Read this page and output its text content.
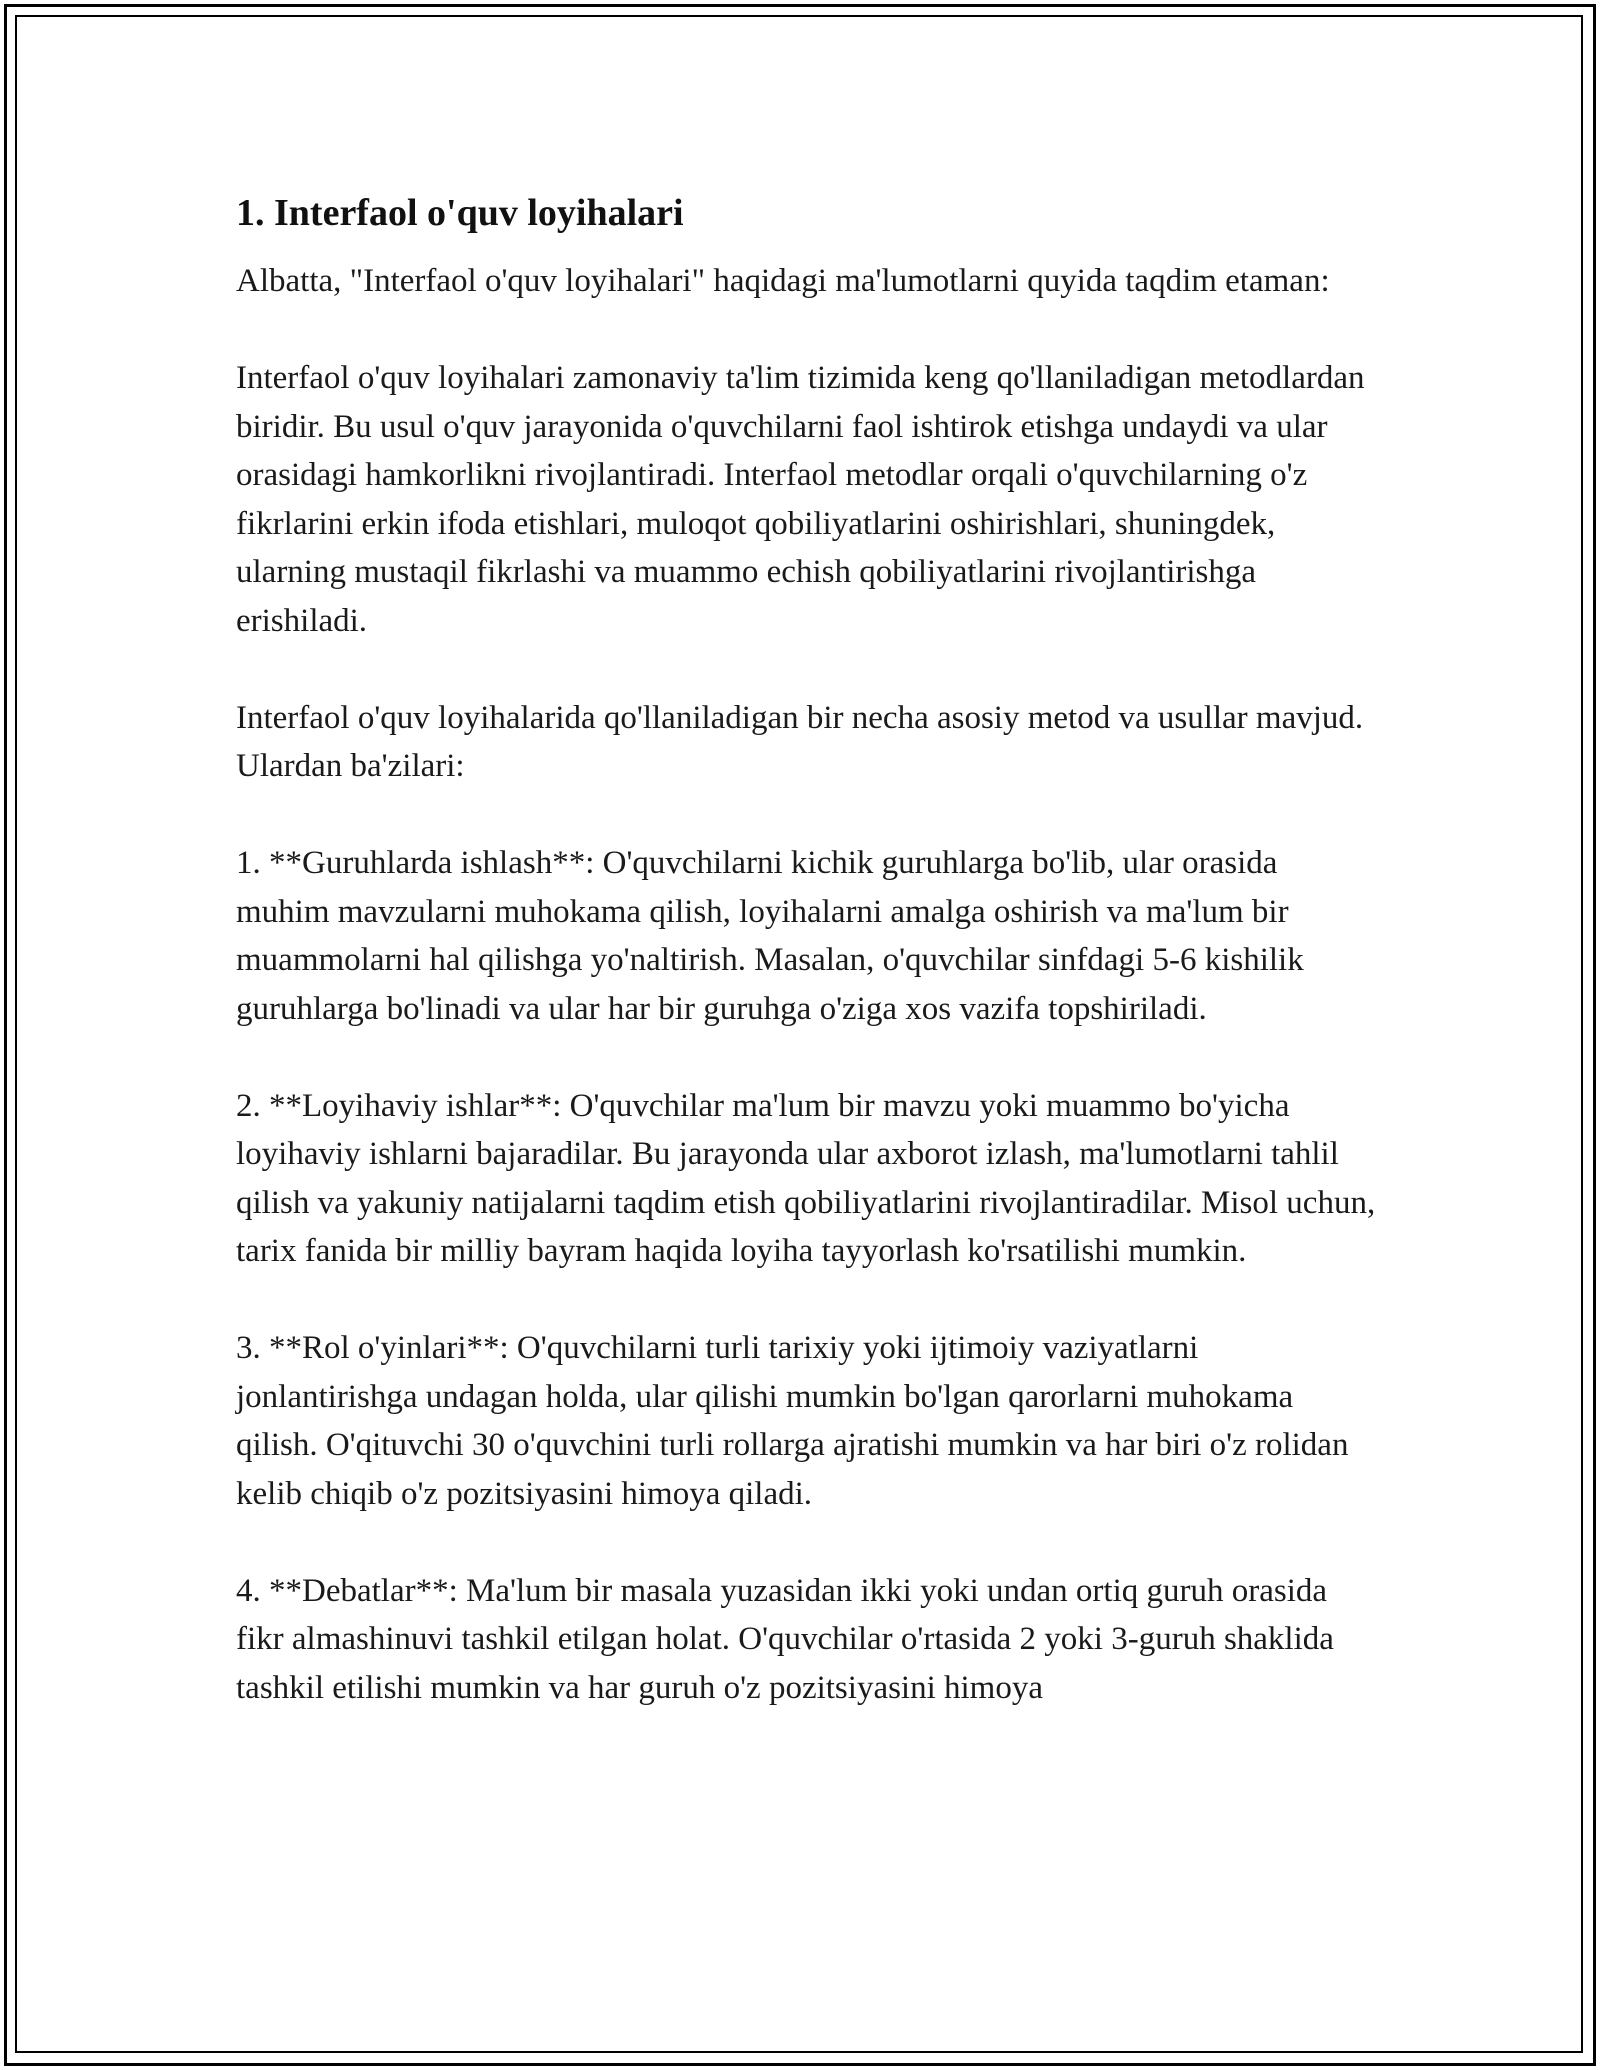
1. Interfaol o'quv loyihalari

Albatta, "Interfaol o'quv loyihalari" haqidagi ma'lumotlarni quyida taqdim etaman:

Interfaol o'quv loyihalari zamonaviy ta'lim tizimida keng qo'llaniladigan metodlardan biridir. Bu usul o'quv jarayonida o'quvchilarni faol ishtirok etishga undaydi va ular orasidagi hamkorlikni rivojlantiradi. Interfaol metodlar orqali o'quvchilarning o'z fikrlarini erkin ifoda etishlari, muloqot qobiliyatlarini oshirishlari, shuningdek, ularning mustaqil fikrlashi va muammo echish qobiliyatlarini rivojlantirishga erishiladi.

Interfaol o'quv loyihalarida qo'llaniladigan bir necha asosiy metod va usullar mavjud. Ulardan ba'zilari:

1. **Guruhlarda ishlash**: O'quvchilarni kichik guruhlarga bo'lib, ular orasida muhim mavzularni muhokama qilish, loyihalarni amalga oshirish va ma'lum bir muammolarni hal qilishga yo'naltirish. Masalan, o'quvchilar sinfdagi 5-6 kishilik guruhlarga bo'linadi va ular har bir guruhga o'ziga xos vazifa topshiriladi.

2. **Loyihaviy ishlar**: O'quvchilar ma'lum bir mavzu yoki muammo bo'yicha loyihaviy ishlarni bajaradilar. Bu jarayonda ular axborot izlash, ma'lumotlarni tahlil qilish va yakuniy natijalarni taqdim etish qobiliyatlarini rivojlantiradilar. Misol uchun, tarix fanida bir milliy bayram haqida loyiha tayyorlash ko'rsatilishi mumkin.

3. **Rol o'yinlari**: O'quvchilarni turli tarixiy yoki ijtimoiy vaziyatlarni jonlantirishga undagan holda, ular qilishi mumkin bo'lgan qarorlarni muhokama qilish. O'qituvchi 30 o'quvchini turli rollarga ajratishi mumkin va har biri o'z rolidan kelib chiqib o'z pozitsiyasini himoya qiladi.

4. **Debatlar**: Ma'lum bir masala yuzasidan ikki yoki undan ortiq guruh orasida fikr almashinuvi tashkil etilgan holat. O'quvchilar o'rtasida 2 yoki 3-guruh shaklida tashkil etilishi mumkin va har guruh o'z pozitsiyasini himoya
